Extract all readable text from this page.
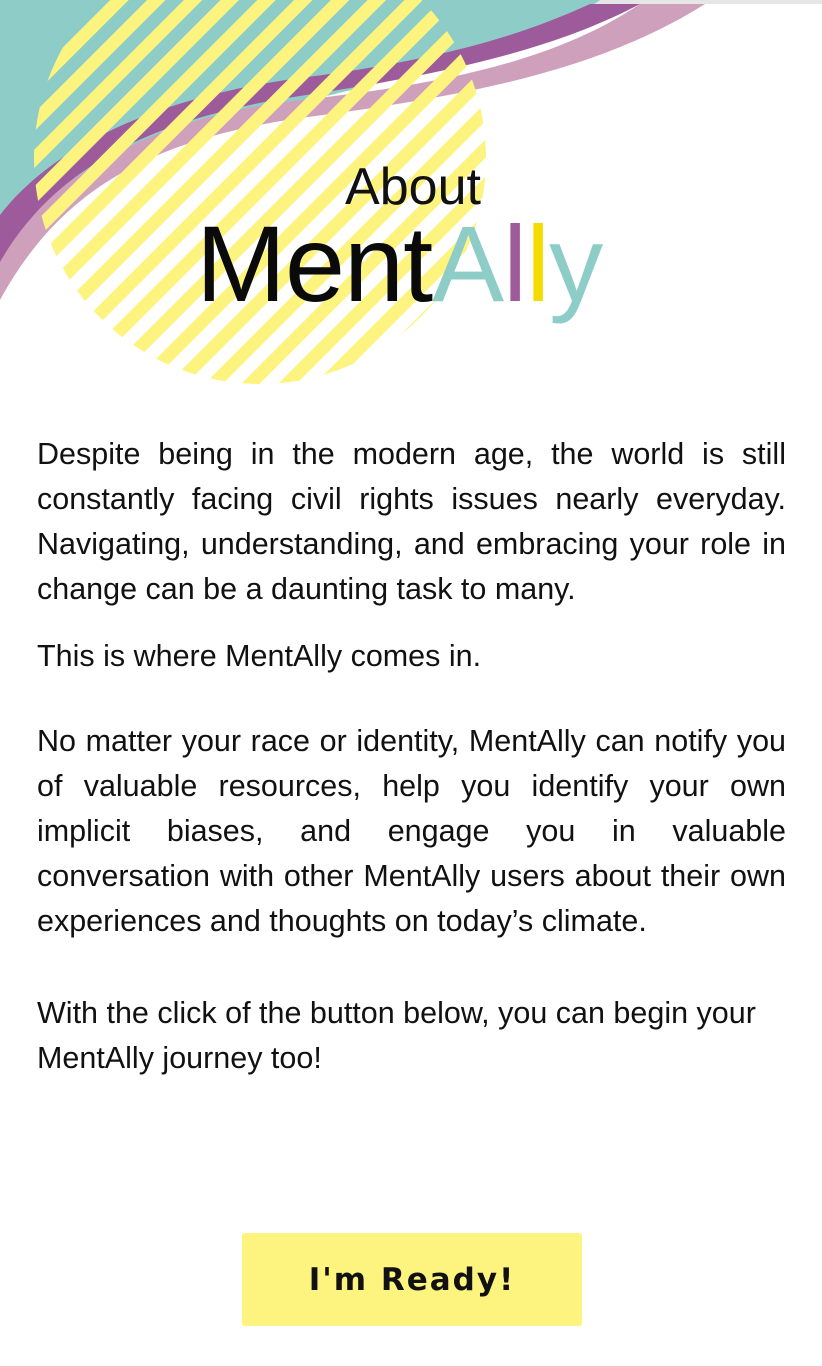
About
MentAlly

Despite being in the modern age, the world is still constantly facing civil rights issues nearly everyday. Navigating, understanding, and embracing your role in change can be a daunting task to many.

This is where MentAlly comes in.

No matter your race or identity, MentAlly can notify you of valuable resources, help you identify your own implicit biases, and engage you in valuable conversation with other MentAlly users about their own experiences and thoughts on today’s climate.

With the click of the button below, you can begin your MentAlly journey too!

I'm Ready!
